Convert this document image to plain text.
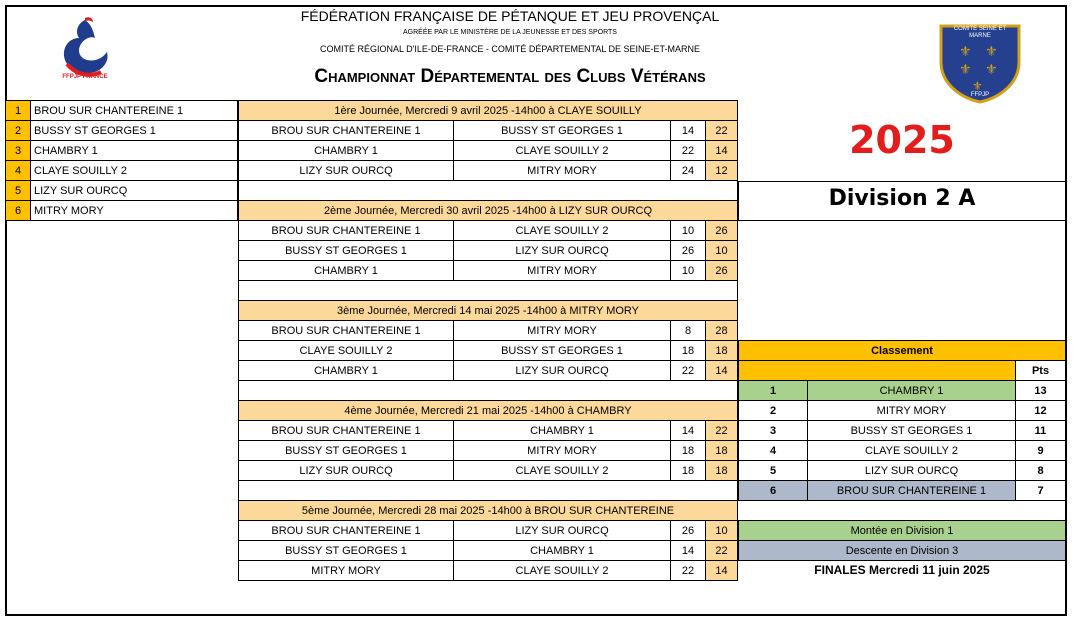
FFPJP FRANCE
⚜ ⚜
⚜ ⚜
⚜
COMITE SEINE ET MARNE
FFPJP
FÉDÉRATION FRANÇAISE DE PÉTANQUE ET JEU PROVENÇAL
AGRÉÉE PAR LE MINISTÈRE DE LA JEUNESSE ET DES SPORTS
COMITÉ RÉGIONAL D'ILE-DE-FRANCE - COMITÉ DÉPARTEMENTAL DE SEINE-ET-MARNE
Championnat Départemental des Clubs Vétérans
2025
Division 2 A
1	BROU SUR CHANTEREINE 1
2	BUSSY ST GEORGES 1
3	CHAMBRY 1
4	CLAYE SOUILLY 2
5	LIZY SUR OURCQ
6	MITRY MORY
1ère Journée, Mercredi 9 avril 2025 -14h00 à CLAYE SOUILLY
BROU SUR CHANTEREINE 1	BUSSY ST GEORGES 1	14	22
CHAMBRY 1	CLAYE SOUILLY 2	22	14
LIZY SUR OURCQ	MITRY MORY	24	12
2ème Journée, Mercredi 30 avril 2025 -14h00 à LIZY SUR OURCQ
BROU SUR CHANTEREINE 1	CLAYE SOUILLY 2	10	26
BUSSY ST GEORGES 1	LIZY SUR OURCQ	26	10
CHAMBRY 1	MITRY MORY	10	26
3ème Journée, Mercredi 14 mai 2025 -14h00 à MITRY MORY
BROU SUR CHANTEREINE 1	MITRY MORY	8	28
CLAYE SOUILLY 2	BUSSY ST GEORGES 1	18	18
CHAMBRY 1	LIZY SUR OURCQ	22	14
4ème Journée, Mercredi 21 mai 2025 -14h00 à CHAMBRY
BROU SUR CHANTEREINE 1	CHAMBRY 1	14	22
BUSSY ST GEORGES 1	MITRY MORY	18	18
LIZY SUR OURCQ	CLAYE SOUILLY 2	18	18
5ème Journée, Mercredi 28 mai 2025 -14h00 à BROU SUR CHANTEREINE
BROU SUR CHANTEREINE 1	LIZY SUR OURCQ	26	10
BUSSY ST GEORGES 1	CHAMBRY 1	14	22
MITRY MORY	CLAYE SOUILLY 2	22	14
Classement
Pts
1	CHAMBRY 1	13
2	MITRY MORY	12
3	BUSSY ST GEORGES 1	11
4	CLAYE SOUILLY 2	9
5	LIZY SUR OURCQ	8
6	BROU SUR CHANTEREINE 1	7
Montée en Division 1
Descente en Division 3
FINALES Mercredi 11 juin 2025
